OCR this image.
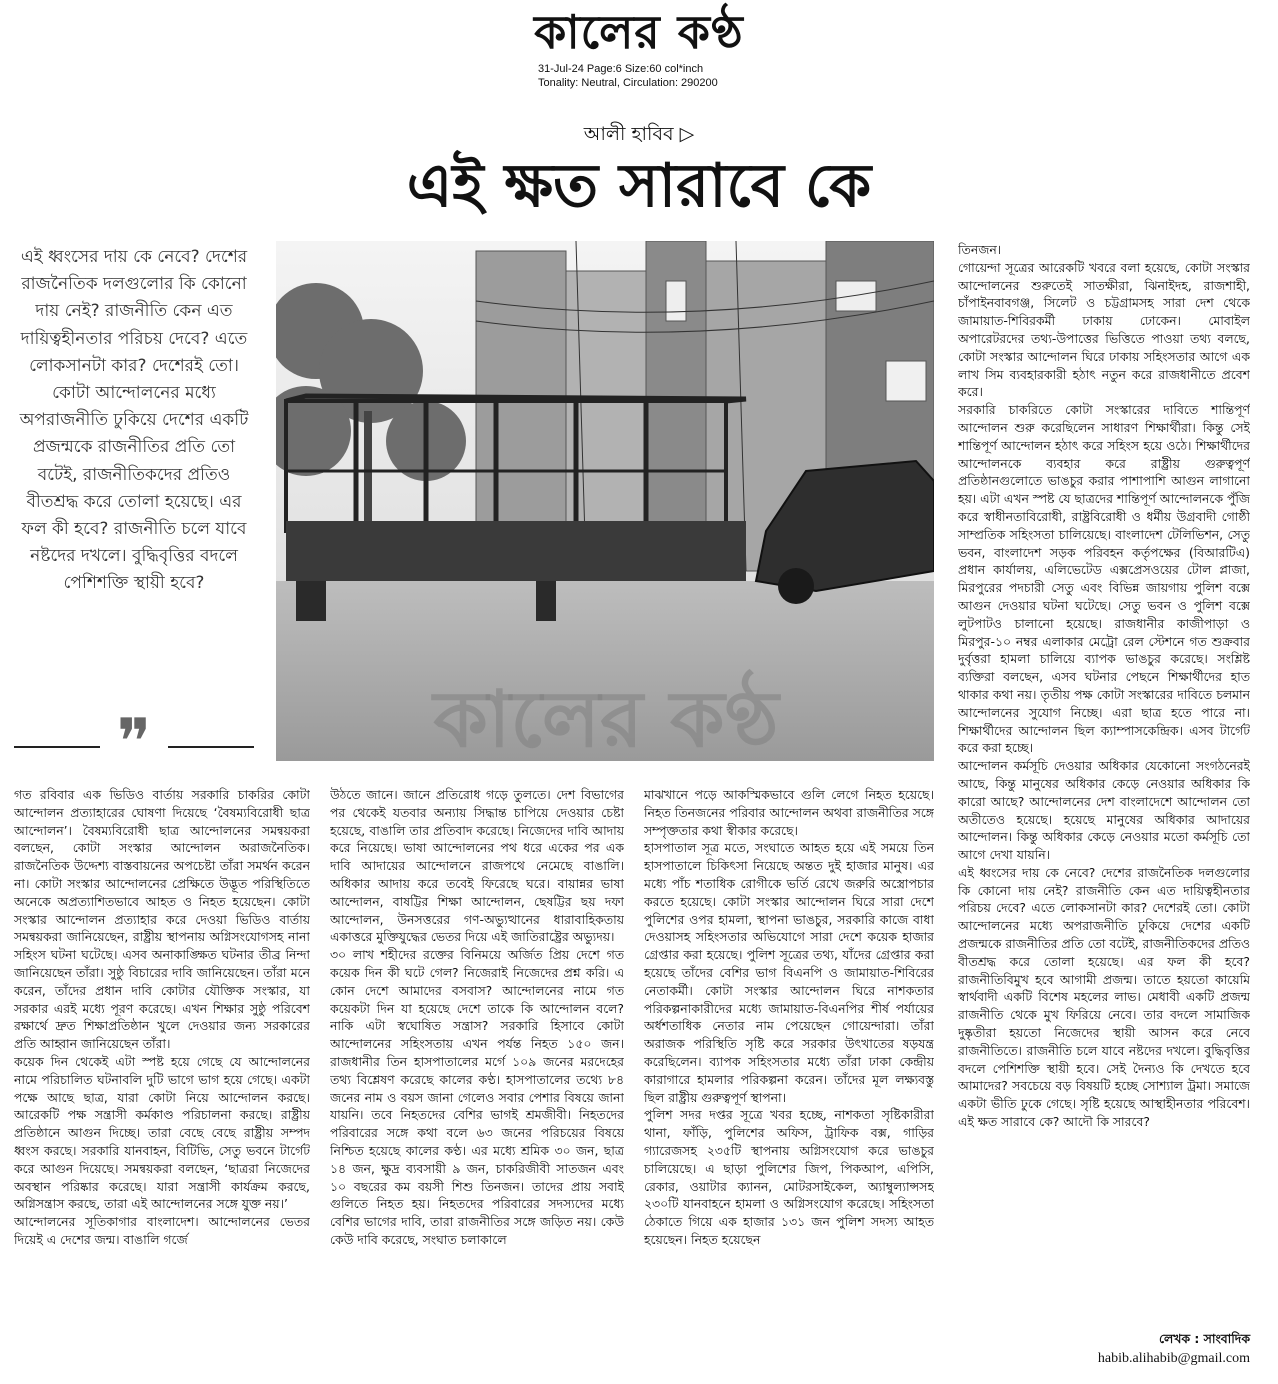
কালের কণ্ঠ
31-Jul-24 Page:6 Size:60 col*inch
Tonality: Neutral, Circulation: 290200
আলী হাবিব ▷
এই ক্ষত সারাবে কে
এই ধ্বংসের দায় কে নেবে? দেশের রাজনৈতিক দলগুলোর কি কোনো দায় নেই? রাজনীতি কেন এত দায়িত্বহীনতার পরিচয় দেবে? এতে লোকসানটা কার? দেশেরই তো। কোটা আন্দোলনের মধ্যে অপরাজনীতি ঢুকিয়ে দেশের একটি প্রজন্মকে রাজনীতির প্রতি তো বটেই, রাজনীতিকদের প্রতিও বীতশ্রদ্ধ করে তোলা হয়েছে। এর ফল কী হবে? রাজনীতি চলে যাবে নষ্টদের দখলে। বুদ্ধিবৃত্তির বদলে পেশিশক্তি স্থায়ী হবে?
❞	কালের কণ্ঠ

গত রবিবার এক ভিডিও বার্তায় সরকারি চাকরির কোটা আন্দোলন প্রত্যাহারের ঘোষণা দিয়েছে ‘বৈষম্যবিরোধী ছাত্র আন্দোলন’। বৈষম্যবিরোধী ছাত্র আন্দোলনের সমন্বয়করা বলছেন, কোটা সংস্কার আন্দোলন অরাজনৈতিক। রাজনৈতিক উদ্দেশ্য বাস্তবায়নের অপচেষ্টা তাঁরা সমর্থন করেন না। কোটা সংস্কার আন্দোলনের প্রেক্ষিতে উদ্ভূত পরিস্থিতিতে অনেকে অপ্রত্যাশিতভাবে আহত ও নিহত হয়েছেন। কোটা সংস্কার আন্দোলন প্রত্যাহার করে দেওয়া ভিডিও বার্তায় সমন্বয়করা জানিয়েছেন, রাষ্ট্রীয় স্থাপনায় অগ্নিসংযোগসহ নানা সহিংস ঘটনা ঘটেছে। এসব অনাকাঙ্ক্ষিত ঘটনার তীব্র নিন্দা জানিয়েছেন তাঁরা। সুষ্ঠু বিচারের দাবি জানিয়েছেন। তাঁরা মনে করেন, তাঁদের প্রধান দাবি কোটার যৌক্তিক সংস্কার, যা সরকার এরই মধ্যে পূরণ করেছে। এখন শিক্ষার সুষ্ঠু পরিবেশ রক্ষার্থে দ্রুত শিক্ষাপ্রতিষ্ঠান খুলে দেওয়ার জন্য সরকারের প্রতি আহ্বান জানিয়েছেন তাঁরা।

কয়েক দিন থেকেই এটা স্পষ্ট হয়ে গেছে যে আন্দোলনের নামে পরিচালিত ঘটনাবলি দুটি ভাগে ভাগ হয়ে গেছে। একটা পক্ষে আছে ছাত্র, যারা কোটা নিয়ে আন্দোলন করছে। আরেকটি পক্ষ সন্ত্রাসী কর্মকাণ্ড পরিচালনা করছে। রাষ্ট্রীয় প্রতিষ্ঠানে আগুন দিচ্ছে। তারা বেছে বেছে রাষ্ট্রীয় সম্পদ ধ্বংস করছে। সরকারি যানবাহন, বিটিভি, সেতু ভবনে টার্গেট করে আগুন দিয়েছে। সমন্বয়করা বলছেন, ‘ছাত্ররা নিজেদের অবস্থান পরিষ্কার করেছে। যারা সন্ত্রাসী কার্যক্রম করছে, অগ্নিসন্ত্রাস করছে, তারা এই আন্দোলনের সঙ্গে যুক্ত নয়।’

আন্দোলনের সূতিকাগার বাংলাদেশ। আন্দোলনের ভেতর দিয়েই এ দেশের জন্ম। বাঙালি গর্জে

উঠতে জানে। জানে প্রতিরোধ গড়ে তুলতে। দেশ বিভাগের পর থেকেই যতবার অন্যায় সিদ্ধান্ত চাপিয়ে দেওয়ার চেষ্টা হয়েছে, বাঙালি তার প্রতিবাদ করেছে। নিজেদের দাবি আদায় করে নিয়েছে। ভাষা আন্দোলনের পথ ধরে একের পর এক দাবি আদায়ের আন্দোলনে রাজপথে নেমেছে বাঙালি। অধিকার আদায় করে তবেই ফিরেছে ঘরে। বায়ান্নর ভাষা আন্দোলন, বাষট্টির শিক্ষা আন্দোলন, ছেষট্টির ছয় দফা আন্দোলন, উনসত্তরের গণ-অভ্যুত্থানের ধারাবাহিকতায় একাত্তরে মুক্তিযুদ্ধের ভেতর দিয়ে এই জাতিরাষ্ট্রের অভ্যুদয়।

৩০ লাখ শহীদের রক্তের বিনিময়ে অর্জিত প্রিয় দেশে গত কয়েক দিন কী ঘটে গেল? নিজেরাই নিজেদের প্রশ্ন করি। এ কোন দেশে আমাদের বসবাস? আন্দোলনের নামে গত কয়েকটা দিন যা হয়েছে দেশে তাকে কি আন্দোলন বলে? নাকি এটা স্বঘোষিত সন্ত্রাস? সরকারি হিসাবে কোটা আন্দোলনের সহিংসতায় এখন পর্যন্ত নিহত ১৫০ জন। রাজধানীর তিন হাসপাতালের মর্গে ১০৯ জনের মরদেহের তথ্য বিশ্লেষণ করেছে কালের কণ্ঠ। হাসপাতালের তথ্যে ৮৪ জনের নাম ও বয়স জানা গেলেও সবার পেশার বিষয়ে জানা যায়নি। তবে নিহতদের বেশির ভাগই শ্রমজীবী। নিহতদের পরিবারের সঙ্গে কথা বলে ৬৩ জনের পরিচয়ের বিষয়ে নিশ্চিত হয়েছে কালের কণ্ঠ। এর মধ্যে শ্রমিক ৩০ জন, ছাত্র ১৪ জন, ক্ষুদ্র ব্যবসায়ী ৯ জন, চাকরিজীবী সাতজন এবং ১০ বছরের কম বয়সী শিশু তিনজন। তাদের প্রায় সবাই গুলিতে নিহত হয়। নিহতদের পরিবারের সদস্যদের মধ্যে বেশির ভাগের দাবি, তারা রাজনীতির সঙ্গে জড়িত নয়। কেউ কেউ দাবি করেছে, সংঘাত চলাকালে

মাঝখানে পড়ে আকস্মিকভাবে গুলি লেগে নিহত হয়েছে। নিহত তিনজনের পরিবার আন্দোলন অথবা রাজনীতির সঙ্গে সম্পৃক্ততার কথা স্বীকার করেছে।

হাসপাতাল সূত্র মতে, সংঘাতে আহত হয়ে এই সময়ে তিন হাসপাতালে চিকিৎসা নিয়েছে অন্তত দুই হাজার মানুষ। এর মধ্যে পাঁচ শতাধিক রোগীকে ভর্তি রেখে জরুরি অস্ত্রোপচার করতে হয়েছে। কোটা সংস্কার আন্দোলন ঘিরে সারা দেশে পুলিশের ওপর হামলা, স্থাপনা ভাঙচুর, সরকারি কাজে বাধা দেওয়াসহ সহিংসতার অভিযোগে সারা দেশে কয়েক হাজার গ্রেপ্তার করা হয়েছে। পুলিশ সূত্রের তথ্য, যাঁদের গ্রেপ্তার করা হয়েছে তাঁদের বেশির ভাগ বিএনপি ও জামায়াত-শিবিরের নেতাকর্মী। কোটা সংস্কার আন্দোলন ঘিরে নাশকতার পরিকল্পনাকারীদের মধ্যে জামায়াত-বিএনপির শীর্ষ পর্যায়ের অর্ধশতাধিক নেতার নাম পেয়েছেন গোয়েন্দারা। তাঁরা অরাজক পরিস্থিতি সৃষ্টি করে সরকার উৎখাতের ষড়যন্ত্র করেছিলেন। ব্যাপক সহিংসতার মধ্যে তাঁরা ঢাকা কেন্দ্রীয় কারাগারে হামলার পরিকল্পনা করেন। তাঁদের মূল লক্ষ্যবস্তু ছিল রাষ্ট্রীয় গুরুত্বপূর্ণ স্থাপনা।

পুলিশ সদর দপ্তর সূত্রে খবর হচ্ছে, নাশকতা সৃষ্টিকারীরা থানা, ফাঁড়ি, পুলিশের অফিস, ট্রাফিক বক্স, গাড়ির গ্যারেজসহ ২৩৫টি স্থাপনায় অগ্নিসংযোগ করে ভাঙচুর চালিয়েছে। এ ছাড়া পুলিশের জিপ, পিকআপ, এপিসি, রেকার, ওয়াটার ক্যানন, মোটরসাইকেল, অ্যাম্বুল্যান্সসহ ২৩০টি যানবাহনে হামলা ও অগ্নিসংযোগ করেছে। সহিংসতা ঠেকাতে গিয়ে এক হাজার ১৩১ জন পুলিশ সদস্য আহত হয়েছেন। নিহত হয়েছেন

তিনজন।

গোয়েন্দা সূত্রের আরেকটি খবরে বলা হয়েছে, কোটা সংস্কার আন্দোলনের শুরুতেই সাতক্ষীরা, ঝিনাইদহ, রাজশাহী, চাঁপাইনবাবগঞ্জ, সিলেট ও চট্টগ্রামসহ সারা দেশ থেকে জামায়াত-শিবিরকর্মী ঢাকায় ঢোকেন। মোবাইল অপারেটরদের তথ্য-উপাত্তের ভিত্তিতে পাওয়া তথ্য বলছে, কোটা সংস্কার আন্দোলন ঘিরে ঢাকায় সহিংসতার আগে এক লাখ সিম ব্যবহারকারী হঠাৎ নতুন করে রাজধানীতে প্রবেশ করে।

সরকারি চাকরিতে কোটা সংস্কারের দাবিতে শান্তিপূর্ণ আন্দোলন শুরু করেছিলেন সাধারণ শিক্ষার্থীরা। কিন্তু সেই শান্তিপূর্ণ আন্দোলন হঠাৎ করে সহিংস হয়ে ওঠে। শিক্ষার্থীদের আন্দোলনকে ব্যবহার করে রাষ্ট্রীয় গুরুত্বপূর্ণ প্রতিষ্ঠানগুলোতে ভাঙচুর করার পাশাপাশি আগুন লাগানো হয়। এটা এখন স্পষ্ট যে ছাত্রদের শান্তিপূর্ণ আন্দোলনকে পুঁজি করে স্বাধীনতাবিরোধী, রাষ্ট্রবিরোধী ও ধর্মীয় উগ্রবাদী গোষ্ঠী সাম্প্রতিক সহিংসতা চালিয়েছে। বাংলাদেশ টেলিভিশন, সেতু ভবন, বাংলাদেশ সড়ক পরিবহন কর্তৃপক্ষের (বিআরটিএ) প্রধান কার্যালয়, এলিভেটেড এক্সপ্রেসওয়ের টোল প্লাজা, মিরপুরের পদচারী সেতু এবং বিভিন্ন জায়গায় পুলিশ বক্সে আগুন দেওয়ার ঘটনা ঘটেছে। সেতু ভবন ও পুলিশ বক্সে লুটপাটও চালানো হয়েছে। রাজধানীর কাজীপাড়া ও মিরপুর-১০ নম্বর এলাকার মেট্রো রেল স্টেশনে গত শুক্রবার দুর্বৃত্তরা হামলা চালিয়ে ব্যাপক ভাঙচুর করেছে। সংশ্লিষ্ট ব্যক্তিরা বলছেন, এসব ঘটনার পেছনে শিক্ষার্থীদের হাত থাকার কথা নয়। তৃতীয় পক্ষ কোটা সংস্কারের দাবিতে চলমান আন্দোলনের সুযোগ নিচ্ছে। এরা ছাত্র হতে পারে না। শিক্ষার্থীদের আন্দোলন ছিল ক্যাম্পাসকেন্দ্রিক। এসব টার্গেট করে করা হচ্ছে।

আন্দোলন কর্মসূচি দেওয়ার অধিকার যেকোনো সংগঠনেরই আছে, কিন্তু মানুষের অধিকার কেড়ে নেওয়ার অধিকার কি কারো আছে? আন্দোলনের দেশ বাংলাদেশে আন্দোলন তো অতীতেও হয়েছে। হয়েছে মানুষের অধিকার আদায়ের আন্দোলন। কিন্তু অধিকার কেড়ে নেওয়ার মতো কর্মসূচি তো আগে দেখা যায়নি।

এই ধ্বংসের দায় কে নেবে? দেশের রাজনৈতিক দলগুলোর কি কোনো দায় নেই? রাজনীতি কেন এত দায়িত্বহীনতার পরিচয় দেবে? এতে লোকসানটা কার? দেশেরই তো। কোটা আন্দোলনের মধ্যে অপরাজনীতি ঢুকিয়ে দেশের একটি প্রজন্মকে রাজনীতির প্রতি তো বটেই, রাজনীতিকদের প্রতিও বীতশ্রদ্ধ করে তোলা হয়েছে। এর ফল কী হবে? রাজনীতিবিমুখ হবে আগামী প্রজন্ম। তাতে হয়তো কায়েমি স্বার্থবাদী একটি বিশেষ মহলের লাভ। মেধাবী একটি প্রজন্ম রাজনীতি থেকে মুখ ফিরিয়ে নেবে। তার বদলে সামাজিক দুষ্কৃতীরা হয়তো নিজেদের স্থায়ী আসন করে নেবে রাজনীতিতে। রাজনীতি চলে যাবে নষ্টদের দখলে। বুদ্ধিবৃত্তির বদলে পেশিশক্তি স্থায়ী হবে। সেই দৈন্যও কি দেখতে হবে আমাদের? সবচেয়ে বড় বিষয়টি হচ্ছে সোশ্যাল ট্রমা। সমাজে একটা ভীতি ঢুকে গেছে। সৃষ্টি হয়েছে আস্থাহীনতার পরিবেশ। এই ক্ষত সারাবে কে? আদৌ কি সারবে?

লেখক : সাংবাদিক
habib.alihabib@gmail.com
